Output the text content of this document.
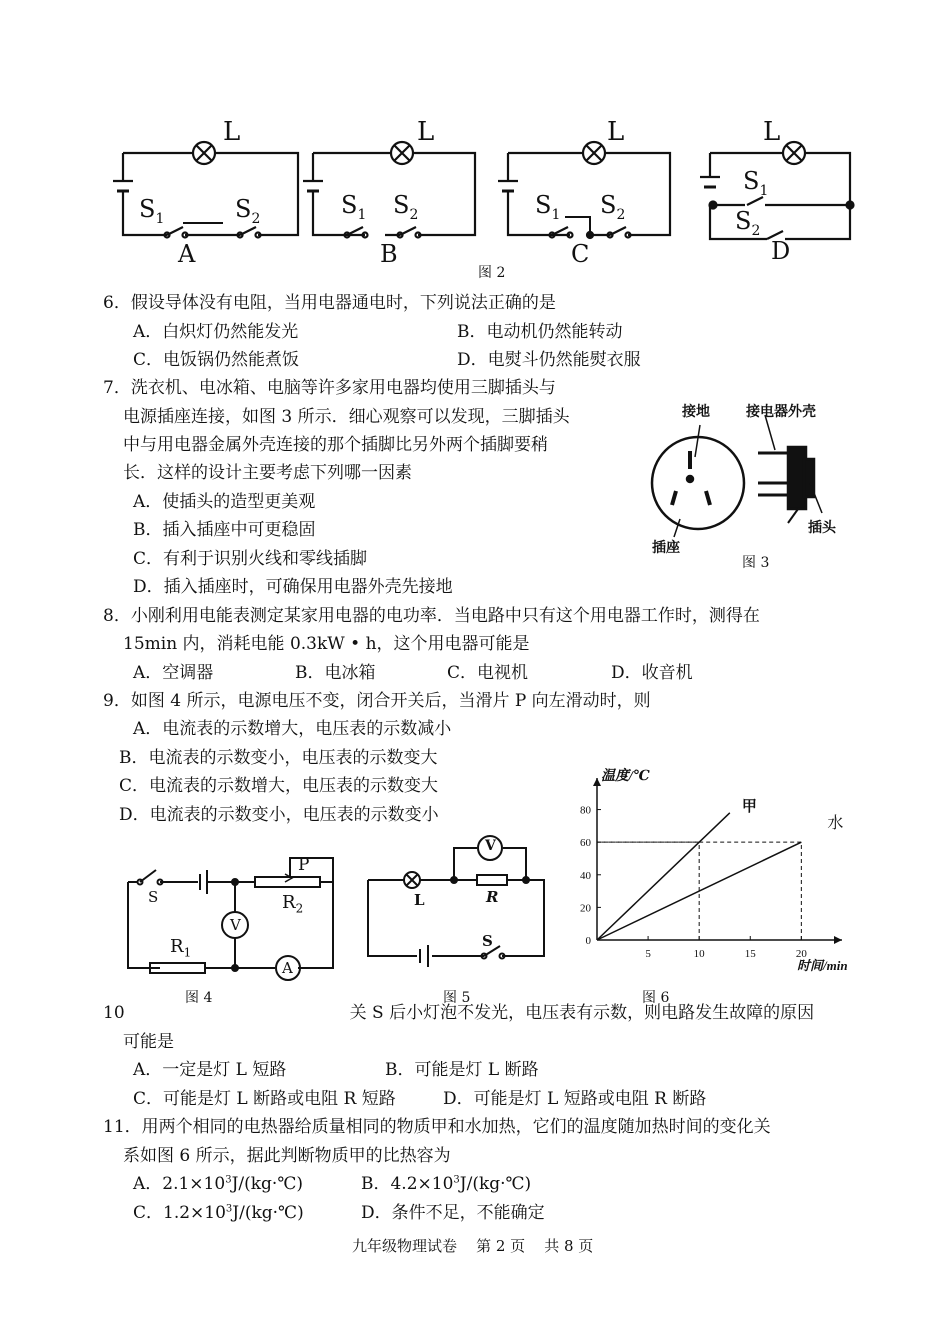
L
$S_1$	$S_2$
A
L
$S_1$ $S_2$
B
L
$S_1$ $S_2$
C
L
$S_1$
$S_2$
D
图 2
6．假设导体没有电阻，当用电器通电时，下列说法正确的是
A．白炽灯仍然能发光	B．电动机仍然能转动
C．电饭锅仍然能煮饭	D．电熨斗仍然能熨衣服
7．洗衣机、电冰箱、电脑等许多家用电器均使用三脚插头与
电源插座连接，如图 3 所示．细心观察可以发现，三脚插头
中与用电器金属外壳连接的那个插脚比另外两个插脚要稍
长．这样的设计主要考虑下列哪一因素
A．使插头的造型更美观
B．插入插座中可更稳固
C．有利于识别火线和零线插脚
D．插入插座时，可确保用电器外壳先接地
接地	接电器外壳
插座
插头
图 3
8．小刚利用电能表测定某家用电器的电功率．当电路中只有这个用电器工作时，测得在
15min 内，消耗电能 0.3kW • h，这个用电器可能是
A．空调器	B．电冰箱	C．电视机	D．收音机
9．如图 4 所示，电源电压不变，闭合开关后，当滑片 P 向左滑动时，则
A．电流表的示数增大，电压表的示数减小
B．电流表的示数变小，电压表的示数变大
C．电流表的示数增大，电压表的示数变大
D．电流表的示数变小，电压表的示数变小
S
P
$R_2$
$R_1$
V
A
图 4
V
L	R
S
图 5
0
20
40
60
80
5	10	15	20
甲
水
温度/℃
时间/min
图 6
10	关 S 后小灯泡不发光，电压表有示数，则电路发生故障的原因
可能是
A．一定是灯 L 短路	B．可能是灯 L 断路
C．可能是灯 L 断路或电阻 R 短路	D．可能是灯 L 短路或电阻 R 断路
11．用两个相同的电热器给质量相同的物质甲和水加热，它们的温度随加热时间的变化关
系如图 6 所示，据此判断物质甲的比热容为
A．$2.1\times 10^3J/(kg\cdot℃)$	B．$4.2\times 10^3J/(kg\cdot℃)$
C．$1.2\times 10^3J/(kg\cdot℃)$	D．条件不足，不能确定
九年级物理试卷    第 2 页    共 8 页
